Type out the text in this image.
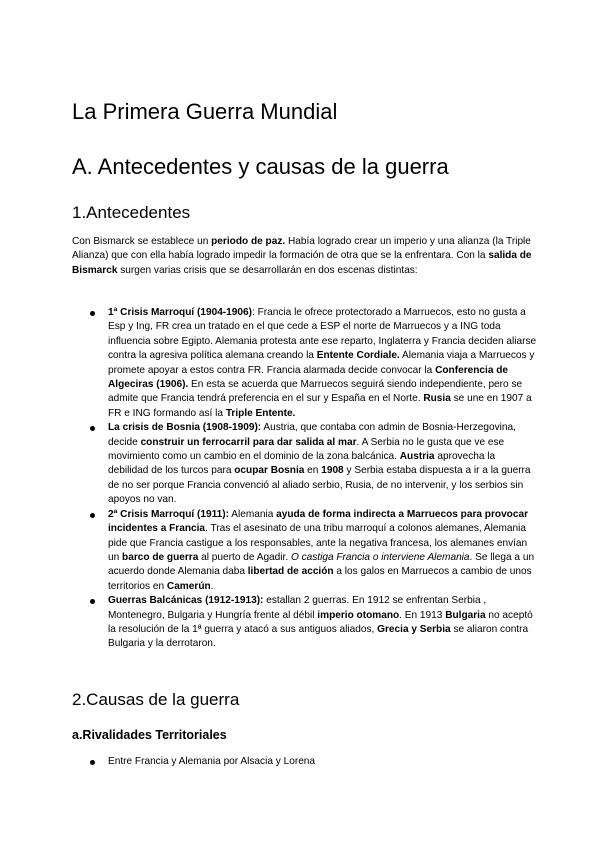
La Primera Guerra Mundial
A. Antecedentes y causas de la guerra
1.Antecedentes

Con Bismarck se establece un periodo de paz. Había logrado crear un imperio y una alianza (la Triple Alianza) que con ella había logrado impedir la formación de otra que se la enfrentara. Con la salida de Bismarck surgen varias crisis que se desarrollarán en dos escenas distintas:

1ª Crisis Marroquí (1904-1906): Francia le ofrece protectorado a Marruecos, esto no gusta a Esp y Ing, FR crea un tratado en el que cede a ESP el norte de Marruecos y a ING toda influencia sobre Egipto. Alemania protesta ante ese reparto, Inglaterra y Francia deciden aliarse contra la agresiva política alemana creando la Entente Cordiale. Alemania viaja a Marruecos y promete apoyar a estos contra FR. Francia alarmada decide convocar la Conferencia de Algeciras (1906). En esta se acuerda que Marruecos seguirá siendo independiente, pero se admite que Francia tendrá preferencia en el sur y España en el Norte. Rusia se une en 1907 a FR e ING formando así la Triple Entente.
La crisis de Bosnia (1908-1909): Austria, que contaba con admin de Bosnia-Herzegovina, decide construir un ferrocarril para dar salida al mar. A Serbia no le gusta que ve ese movimiento como un cambio en el dominio de la zona balcánica. Austria aprovecha la debilidad de los turcos para ocupar Bosnia en 1908 y Serbia estaba dispuesta a ir a la guerra de no ser porque Francia convenció al aliado serbio, Rusia, de no intervenir, y los serbios sin apoyos no van.
2ª Crisis Marroquí (1911): Alemania ayuda de forma indirecta a Marruecos para provocar incidentes a Francia. Tras el asesinato de una tribu marroquí a colonos alemanes, Alemania pide que Francia castigue a los responsables, ante la negativa francesa, los alemanes envían un barco de guerra al puerto de Agadir. O castiga Francia o interviene Alemania. Se llega a un acuerdo donde Alemania daba libertad de acción a los galos en Marruecos a cambio de unos territorios en Camerún.
Guerras Balcánicas (1912-1913): estallan 2 guerras. En 1912 se enfrentan Serbia , Montenegro, Bulgaria y Hungría frente al débil imperio otomano. En 1913 Bulgaria no aceptó la resolución de la 1ª guerra y atacó a sus antiguos aliados, Grecia y Serbia se aliaron contra Bulgaria y la derrotaron.
2.Causas de la guerra
a.Rivalidades Territoriales
Entre Francia y Alemania por Alsacia y Lorena
